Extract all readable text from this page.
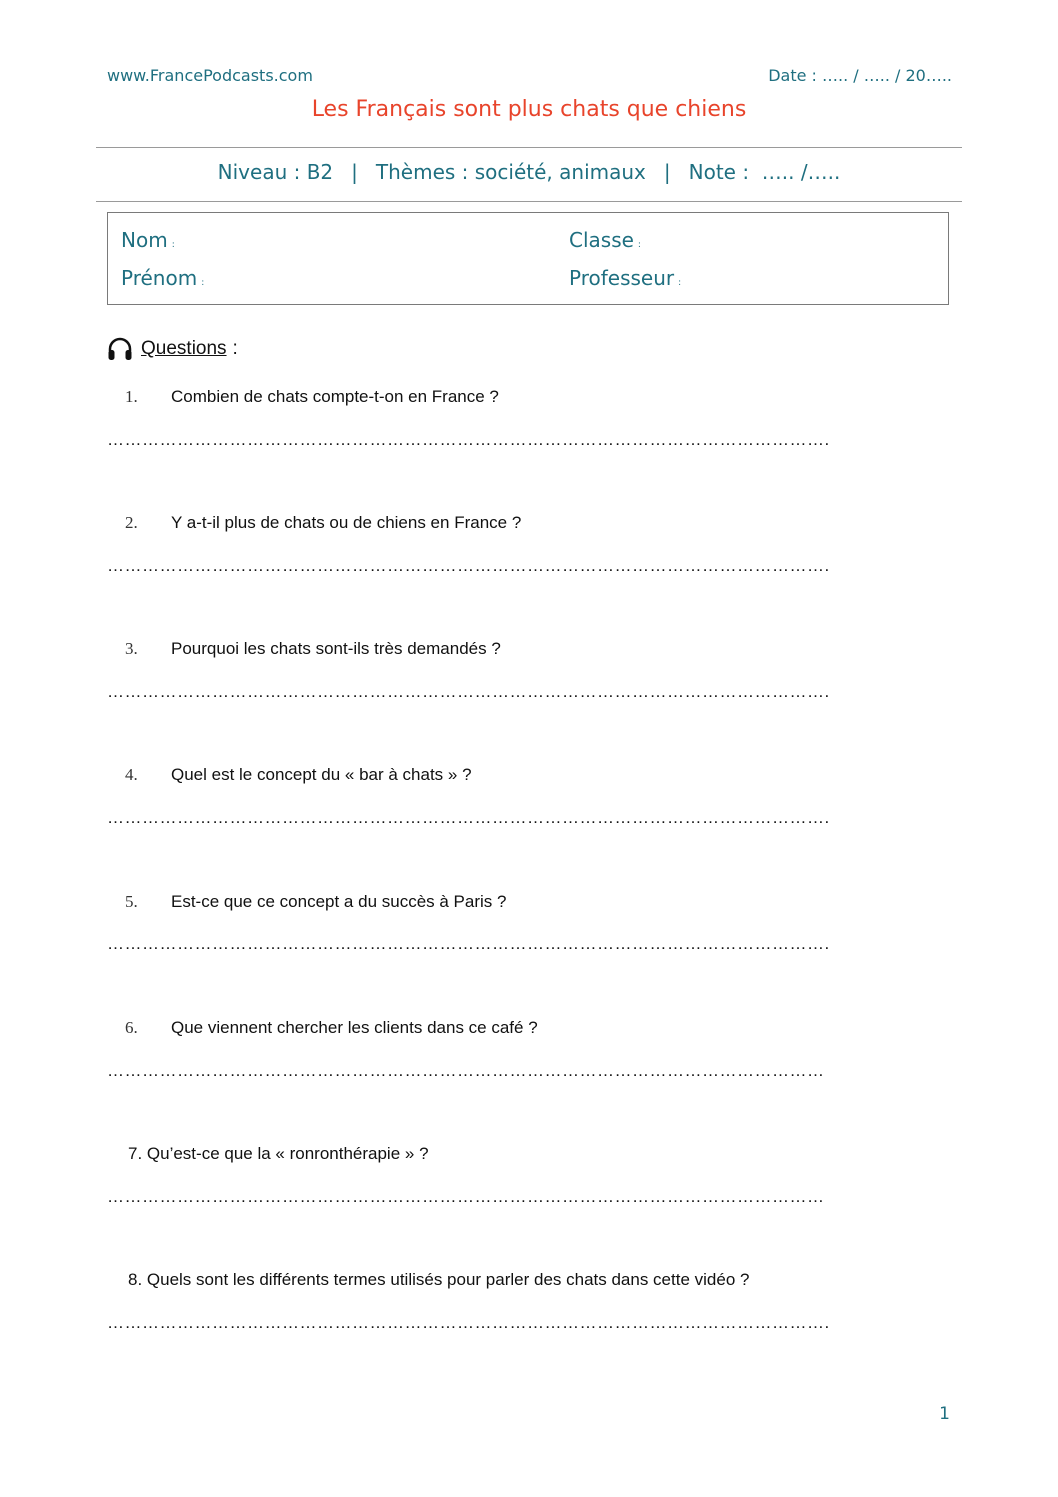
www.FrancePodcasts.com	Date : ….. / ….. / 20…..
Les Français sont plus chats que chiens
Niveau : B2 | Thèmes : société, animaux | Note :  ….. /…..
Nom :
Prénom :
Classe :
Professeur :
Questions :
1. Combien de chats compte-t-on en France ?
…………………………………………………………………………………………………………….
2. Y a-t-il plus de chats ou de chiens en France ?
…………………………………………………………………………………………………………….
3. Pourquoi les chats sont-ils très demandés ?
…………………………………………………………………………………………………………….
4. Quel est le concept du « bar à chats » ?
…………………………………………………………………………………………………………….
5. Est-ce que ce concept a du succès à Paris ?
…………………………………………………………………………………………………………….
6. Que viennent chercher les clients dans ce café ?
……………………………………………………………………………………………………………
7. Qu’est-ce que la « ronronthérapie » ?
……………………………………………………………………………………………………………
8. Quels sont les différents termes utilisés pour parler des chats dans cette vidéo ?
…………………………………………………………………………………………………………….
1
